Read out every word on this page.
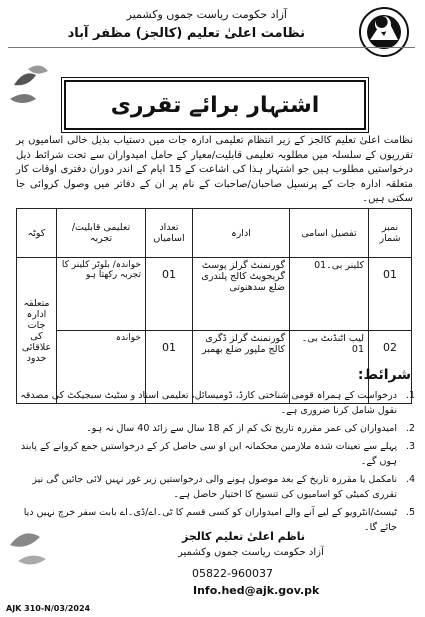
آزاد حکومت ریاست جموں وکشمیر
نظامت اعلیٰ تعلیم (کالجز) مظفر آباد
اشتہار برائے تقرری
نظامت اعلیٰ تعلیم کالجز کے زیر انتظام تعلیمی ادارہ جات میں دستیاب بذیل خالی اسامیوں پر تقرریوں کے سلسلہ میں مطلوبہ تعلیمی قابلیت/معیار کے حامل امیدواران سے تحت شرائط ذیل درخواستیں مطلوب ہیں جو اشتہار ہذا کی اشاعت کے 15 ایام کے اندر دوران دفتری اوقات کار متعلقہ ادارہ جات کے پرنسپل صاحبان/صاحبات کے نام پر ان کے دفاتر میں وصول کروائی جا سکتی ہیں۔
نمبر شمار	تفصیل اسامی	ادارہ	تعداد اسامیاں	تعلیمی قابلیت/تجربہ	کوٹہ
01	کلینر بی۔01	گورنمنٹ گرلز پوسٹ گریجویٹ کالج پلندری ضلع سدھنوتی	01	خواندہ/ بلوٹر کلینر کا تجربہ رکھتا ہو	متعلقہ ادارہ جات کی علاقائی حدود
02	لیب اٹنڈنٹ بی۔01	گورنمنٹ گرلز ڈگری کالج ملپور ضلع بھمبر	01	خواندہ	
شرائط:
1.
درخواست کے ہمراہ قومی شناختی کارڈ، ڈومیسائل، تعلیمی اسناد و سٹیٹ سبجیکٹ کی مصدقہ نقول شامل کرنا ضروری ہے۔
2.
امیدواران کی عمر مقررہ تاریخ تک کم از کم 18 سال سے زائد 40 سال نہ ہو۔
3.
پہلے سے تعینات شدہ ملازمین محکمانہ این او سی حاصل کر کے درخواستیں جمع کروانے کے پابند ہوں گے۔
4.
نامکمل یا مقررہ تاریخ کے بعد موصول ہونے والی درخواستیں زیر غور نہیں لائی جائیں گی نیز تقرری کمیٹی کو اسامیوں کی تنسیخ کا اختیار حاصل ہے۔
5.
ٹیسٹ/انٹرویو کے لیے آنے والے امیدواران کو کسی قسم کا ٹی۔اے/ڈی۔اے بابت سفر خرچ نہیں دیا جائے گا۔
ناظم اعلیٰ تعلیم کالجز
آزاد حکومت ریاست جموں وکشمیر
05822-960037
Info.hed@ajk.gov.pk
AJK 310-N/03/2024
